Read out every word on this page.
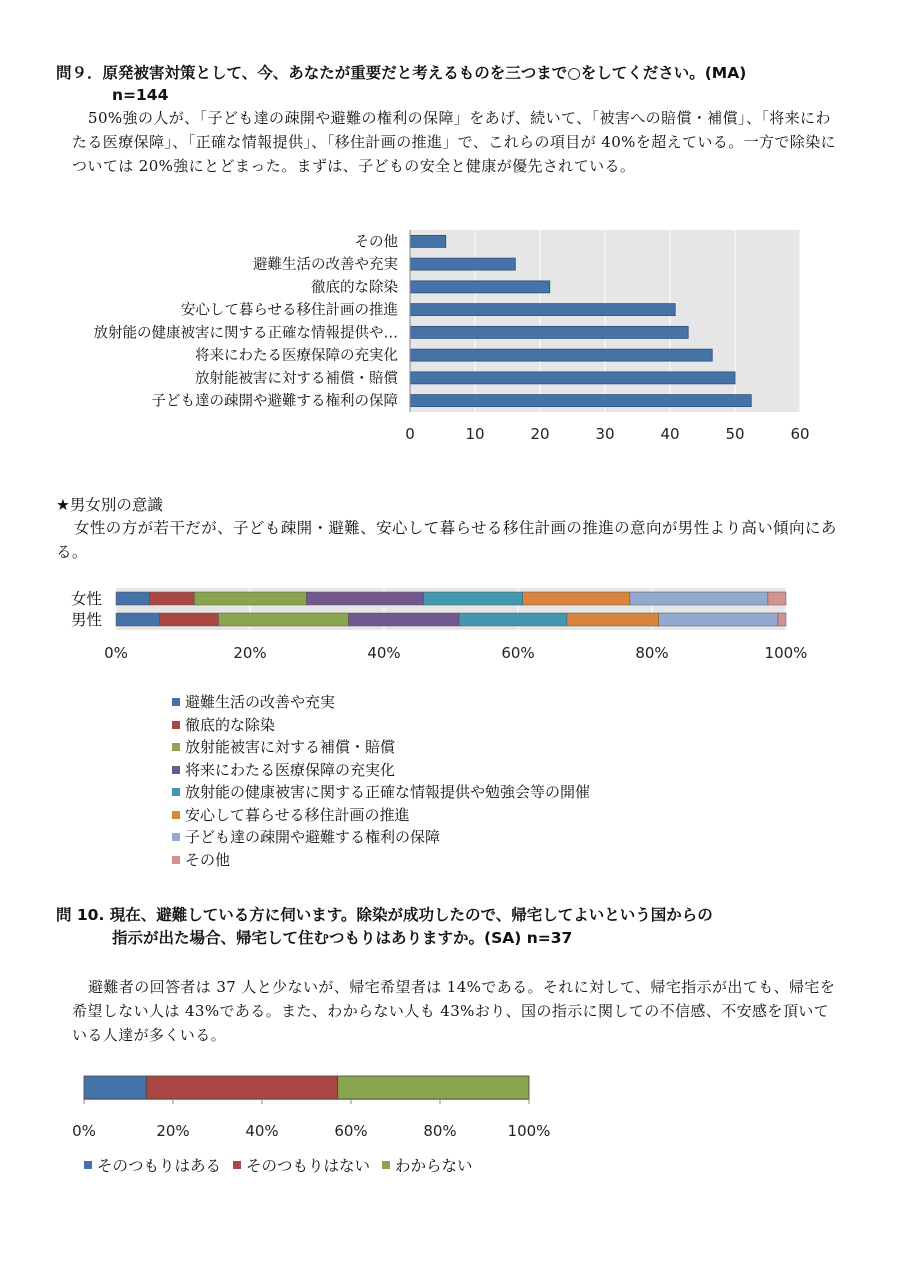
問９．原発被害対策として、今、あなたが重要だと考えるものを三つまで○をしてください。(MA)
n=144

50%強の人が、「子ども達の疎開や避難の権利の保障」をあげ、続いて、「被害への賠償・補償」、「将来にわたる医療保障」、「正確な情報提供」、「移住計画の推進」で、これらの項目が 40%を超えている。一方で除染については 20%強にとどまった。まずは、子どもの安全と健康が優先されている。

その他
避難生活の改善や充実
徹底的な除染
安心して暮らせる移住計画の推進
放射能の健康被害に関する正確な情報提供や…
将来にわたる医療保障の充実化
放射能被害に対する補償・賠償
子ども達の疎開や避難する権利の保障
0	10	20	30	40	50	60
★男女別の意識

女性の方が若干だが、子ども疎開・避難、安心して暮らせる移住計画の推進の意向が男性より高い傾向にある。

女性
男性
0%	20%	40%	60%	80%	100%
避難生活の改善や充実
徹底的な除染
放射能被害に対する補償・賠償
将来にわたる医療保障の充実化
放射能の健康被害に関する正確な情報提供や勉強会等の開催
安心して暮らせる移住計画の推進
子ども達の疎開や避難する権利の保障
その他
問 10. 現在、避難している方に伺います。除染が成功したので、帰宅してよいという国からの
指示が出た場合、帰宅して住むつもりはありますか。(SA) n=37

避難者の回答者は 37 人と少ないが、帰宅希望者は 14%である。それに対して、帰宅指示が出ても、帰宅を希望しない人は 43%である。また、わからない人も 43%おり、国の指示に関しての不信感、不安感を頂いている人達が多くいる。

0%	20%	40%	60%	80%	100%
そのつもりはある そのつもりはない わからない
